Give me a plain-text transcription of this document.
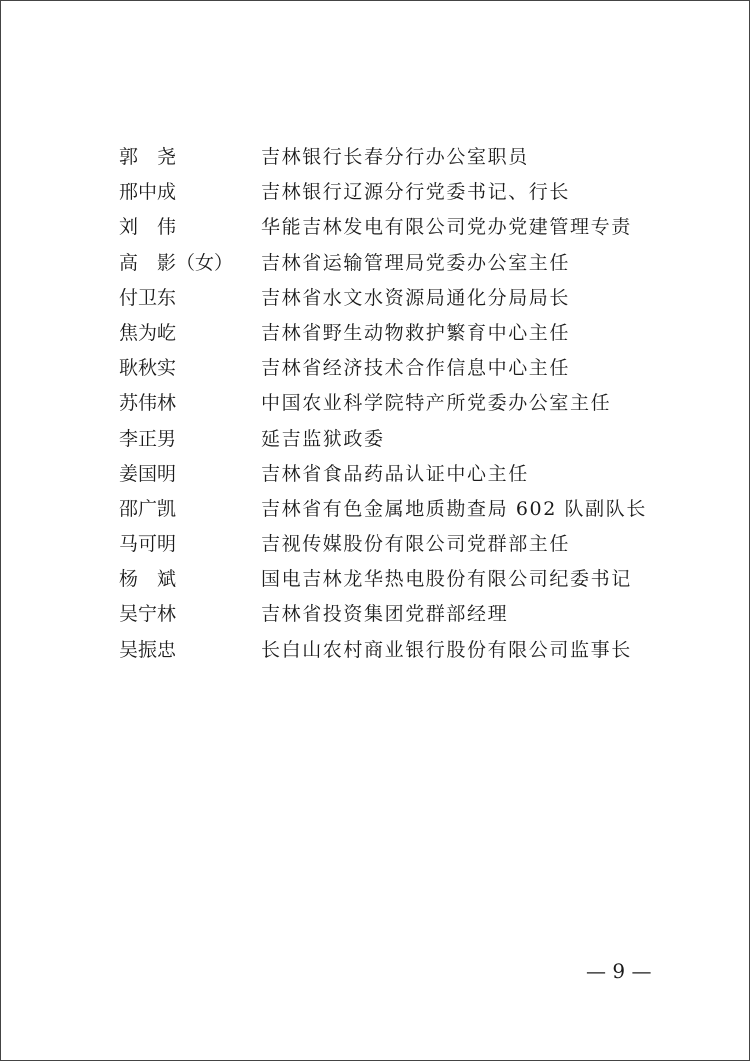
郭　尧	吉林银行长春分行办公室职员
邢中成	吉林银行辽源分行党委书记、行长
刘　伟	华能吉林发电有限公司党办党建管理专责
高　影（女） 吉林省运输管理局党委办公室主任
付卫东	吉林省水文水资源局通化分局局长
焦为屹	吉林省野生动物救护繁育中心主任
耿秋实	吉林省经济技术合作信息中心主任
苏伟林	中国农业科学院特产所党委办公室主任
李正男	延吉监狱政委
姜国明	吉林省食品药品认证中心主任
邵广凯	吉林省有色金属地质勘查局 602 队副队长
马可明	吉视传媒股份有限公司党群部主任
杨　斌	国电吉林龙华热电股份有限公司纪委书记
吴宁林	吉林省投资集团党群部经理
吴振忠	长白山农村商业银行股份有限公司监事长
— 9 —
